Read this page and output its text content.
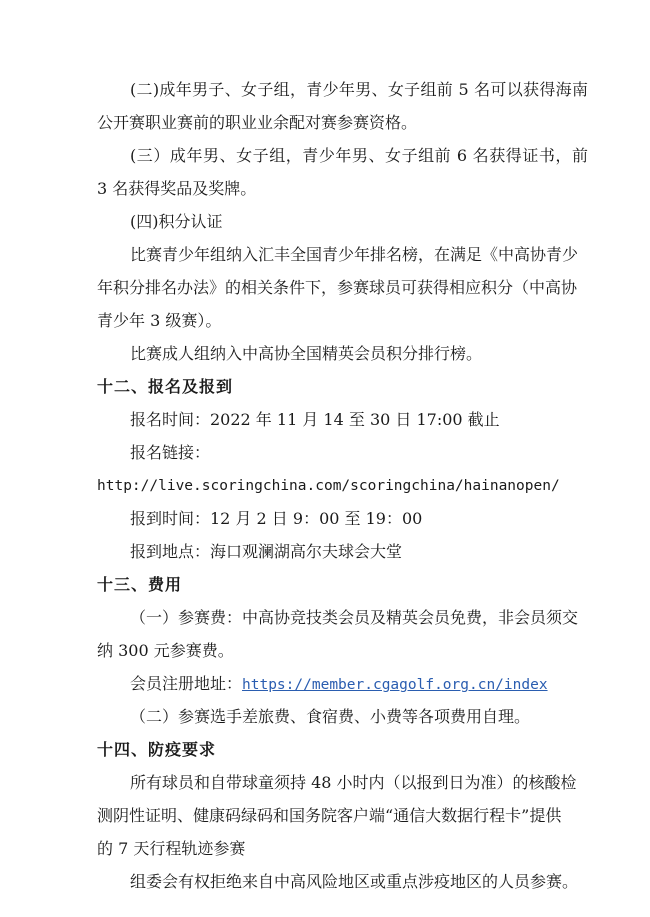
(二)成年男子、女子组，青少年男、女子组前 5 名可以获得海南
公开赛职业赛前的职业业余配对赛参赛资格。
(三）成年男、女子组，青少年男、女子组前 6 名获得证书，前
3 名获得奖品及奖牌。
(四)积分认证
比赛青少年组纳入汇丰全国青少年排名榜，在满足《中高协青少
年积分排名办法》的相关条件下，参赛球员可获得相应积分（中高协
青少年 3 级赛）。
比赛成人组纳入中高协全国精英会员积分排行榜。
十二、报名及报到
报名时间：2022 年 11 月 14 至 30 日 17:00 截止
报名链接：
http://live.scoringchina.com/scoringchina/hainanopen/
报到时间：12 月 2 日 9：00 至 19：00
报到地点：海口观澜湖高尔夫球会大堂
十三、费用
（一）参赛费：中高协竞技类会员及精英会员免费，非会员须交
纳 300 元参赛费。
会员注册地址：https://member.cgagolf.org.cn/index
（二）参赛选手差旅费、食宿费、小费等各项费用自理。
十四、防疫要求
所有球员和自带球童须持 48 小时内（以报到日为准）的核酸检
测阴性证明、健康码绿码和国务院客户端“通信大数据行程卡”提供
的 7 天行程轨迹参赛
组委会有权拒绝来自中高风险地区或重点涉疫地区的人员参赛。
